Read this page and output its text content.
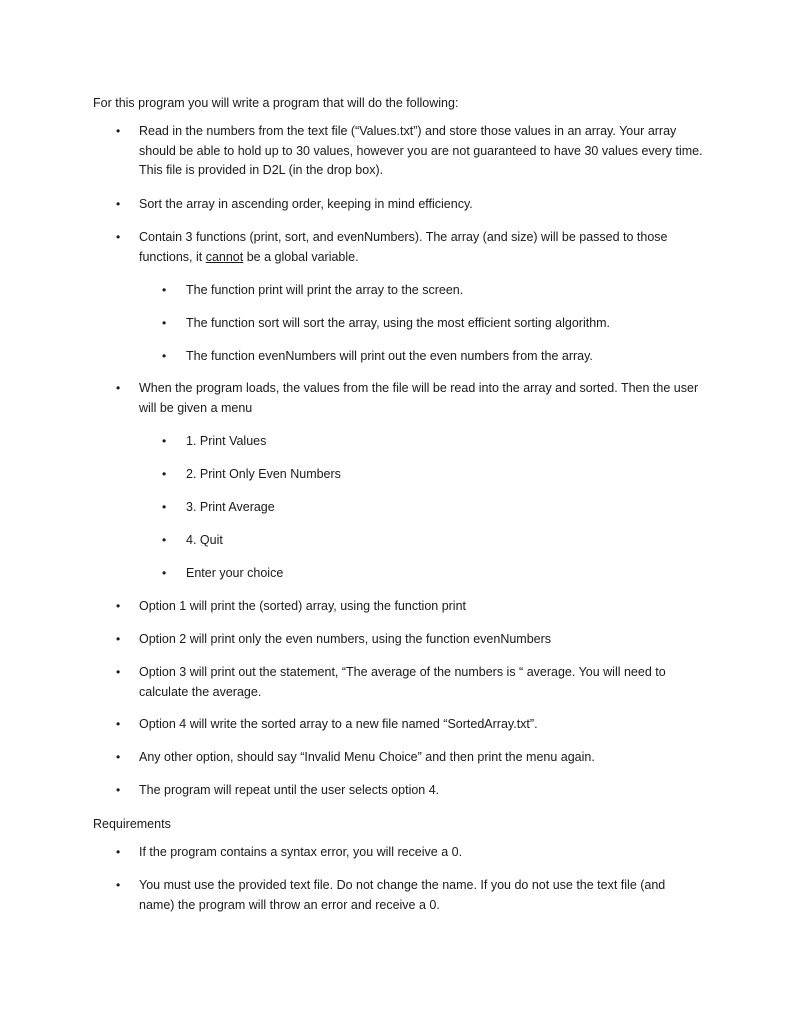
For this program you will write a program that will do the following:

• Read in the numbers from the text file (“Values.txt”) and store those values in an array. Your array should be able to hold up to 30 values, however you are not guaranteed to have 30 values every time. This file is provided in D2L (in the drop box).
• Sort the array in ascending order, keeping in mind efficiency.
• Contain 3 functions (print, sort, and evenNumbers). The array (and size) will be passed to those functions, it cannot be a global variable.
• The function print will print the array to the screen.
• The function sort will sort the array, using the most efficient sorting algorithm.
• The function evenNumbers will print out the even numbers from the array.
• When the program loads, the values from the file will be read into the array and sorted. Then the user will be given a menu
• 1. Print Values
• 2. Print Only Even Numbers
• 3. Print Average
• 4. Quit
• Enter your choice
• Option 1 will print the (sorted) array, using the function print
• Option 2 will print only the even numbers, using the function evenNumbers
• Option 3 will print out the statement, “The average of the numbers is “ average. You will need to calculate the average.
• Option 4 will write the sorted array to a new file named “SortedArray.txt”.
• Any other option, should say “Invalid Menu Choice” and then print the menu again.
• The program will repeat until the user selects option 4.

Requirements

• If the program contains a syntax error, you will receive a 0.
• You must use the provided text file. Do not change the name. If you do not use the text file (and name) the program will throw an error and receive a 0.
